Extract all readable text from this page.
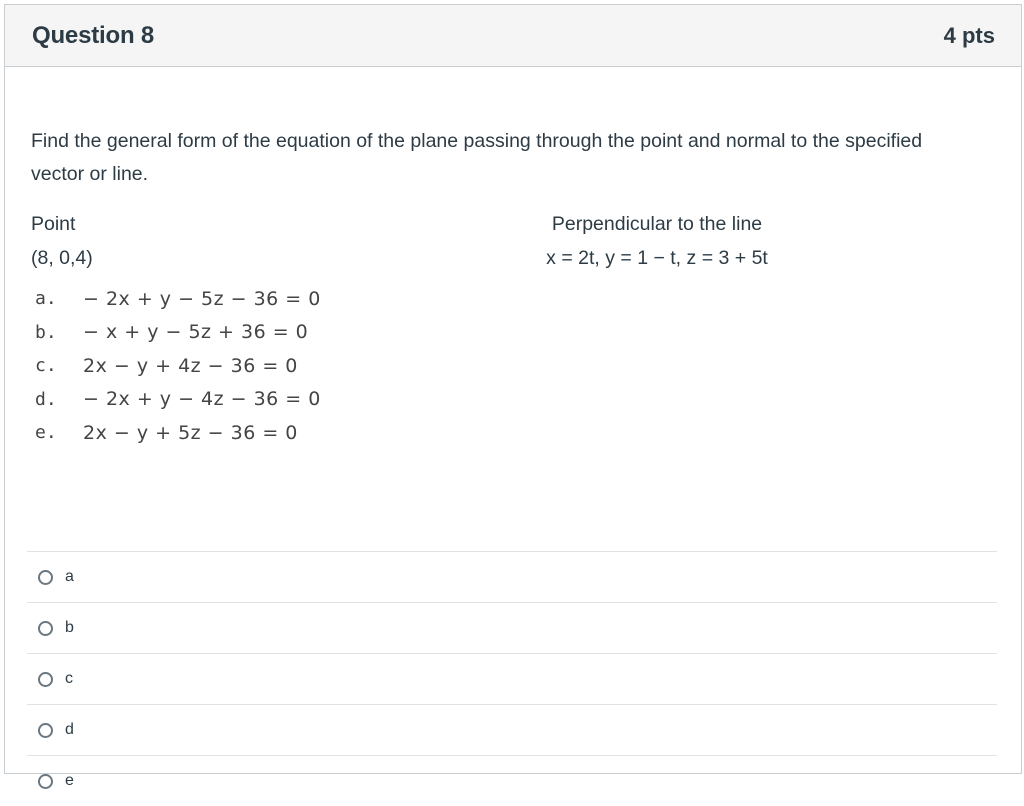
Question 8	4 pts
Find the general form of the equation of the plane passing through the point and normal to the specified vector or line.
Point
(8, 0,4)
Perpendicular to the line
x = 2t, y = 1 − t, z = 3 + 5t
a.	− 2x + y − 5z − 36 = 0
b.	− x + y − 5z + 36 = 0
c.	2x − y + 4z − 36 = 0
d.	− 2x + y − 4z − 36 = 0
e.	2x − y + 5z − 36 = 0
a
b
c
d
e
